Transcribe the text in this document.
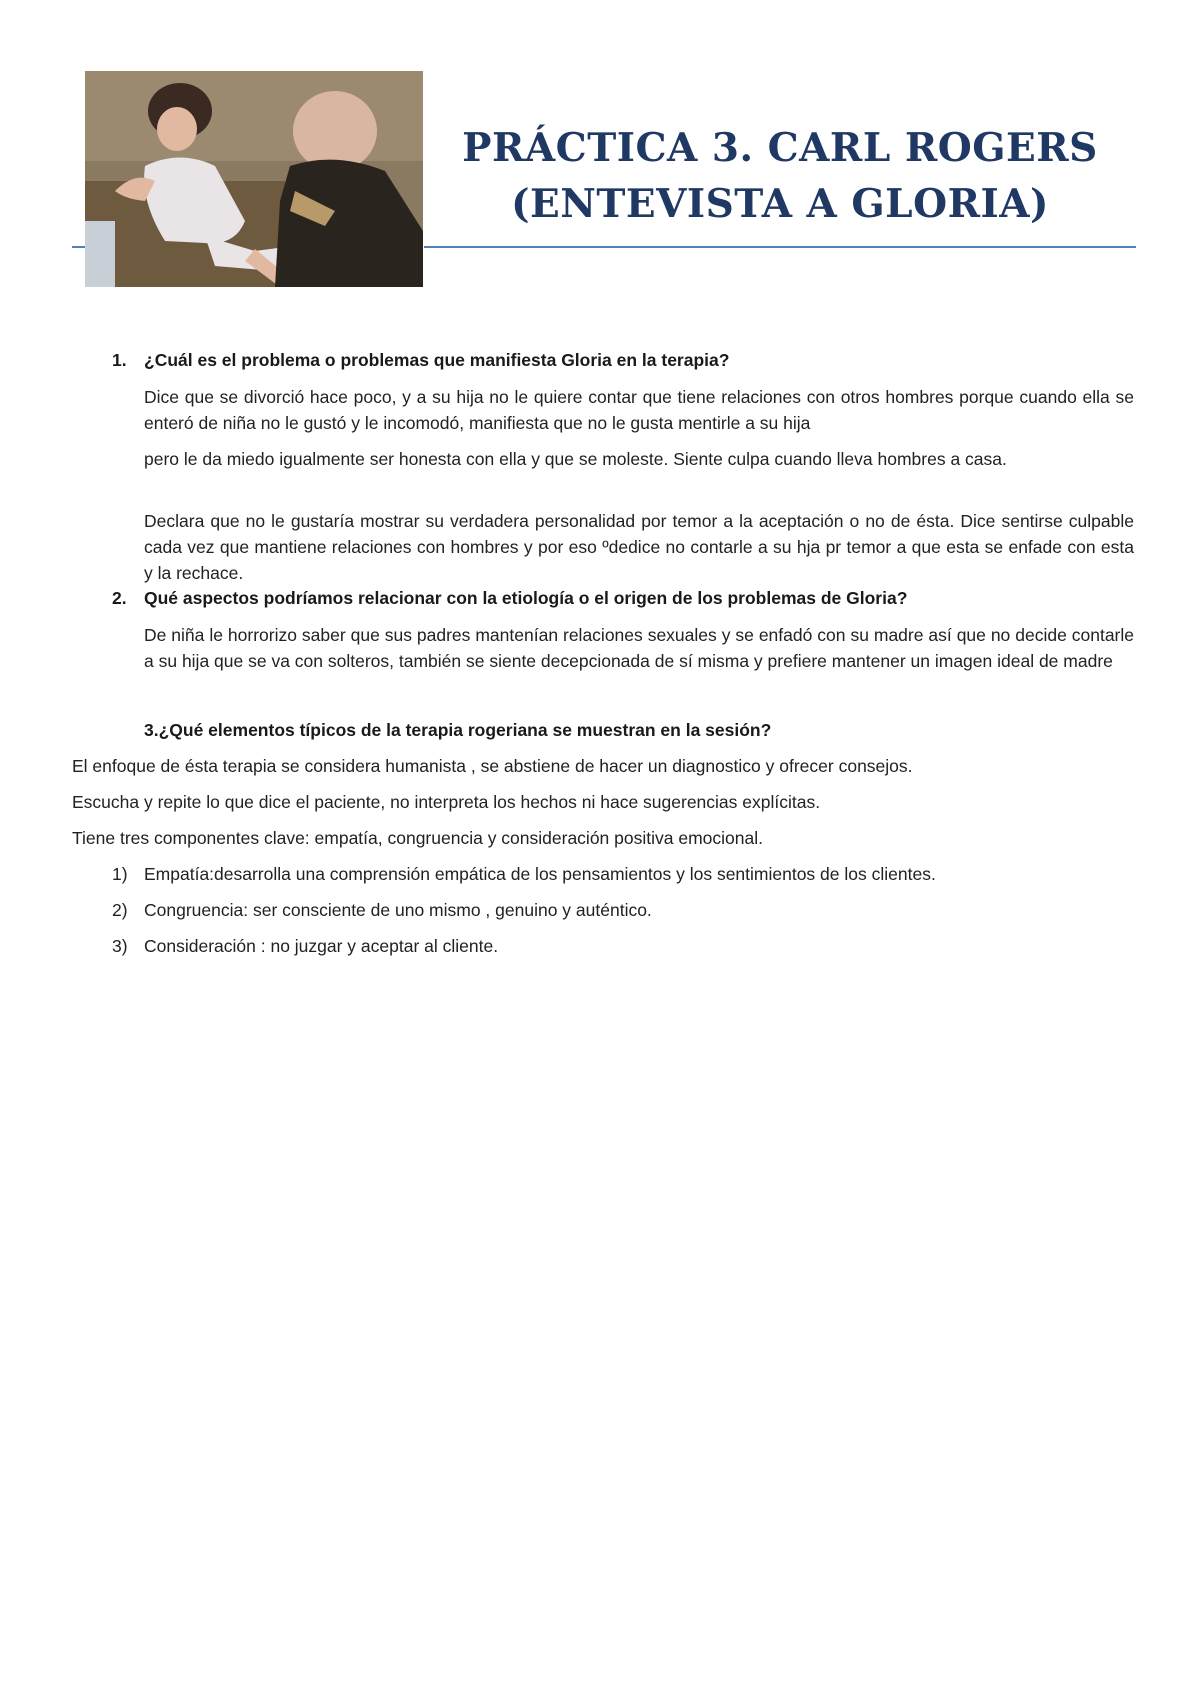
PRÁCTICA 3. CARL ROGERS
(ENTEVISTA A GLORIA)
1. ¿Cuál es el problema o problemas que manifiesta Gloria en la terapia?
Dice que se divorció hace poco, y a su hija no le quiere contar que tiene relaciones con otros hombres porque cuando ella se enteró de niña no le gustó y le incomodó, manifiesta que no le gusta mentirle a su hija
pero le da miedo igualmente ser honesta con ella y que se moleste. Siente culpa cuando lleva hombres a casa.
Declara que no le gustaría mostrar su verdadera personalidad por temor a la aceptación o no de ésta. Dice sentirse culpable cada vez que mantiene relaciones con hombres y por eso ºdedice no contarle a su hja pr temor a que esta se enfade con esta y la rechace.
2. Qué aspectos podríamos relacionar con la etiología o el origen de los problemas de Gloria?
De niña le horrorizo saber que sus padres mantenían relaciones sexuales y se enfadó con su madre así que no decide contarle a su hija que se va con solteros, también se siente decepcionada de sí misma y prefiere mantener un imagen ideal de madre
3.¿Qué elementos típicos de la terapia rogeriana se muestran en la sesión?
El enfoque de ésta terapia se considera humanista , se abstiene de hacer un diagnostico y ofrecer consejos.
Escucha y repite lo que dice el paciente, no interpreta los hechos ni hace sugerencias explícitas.
Tiene tres componentes clave: empatía, congruencia y consideración positiva emocional.
1) Empatía:desarrolla una comprensión empática de los pensamientos y los sentimientos de los clientes.
2) Congruencia: ser consciente de uno mismo , genuino y auténtico.
3) Consideración : no juzgar y aceptar al cliente.
